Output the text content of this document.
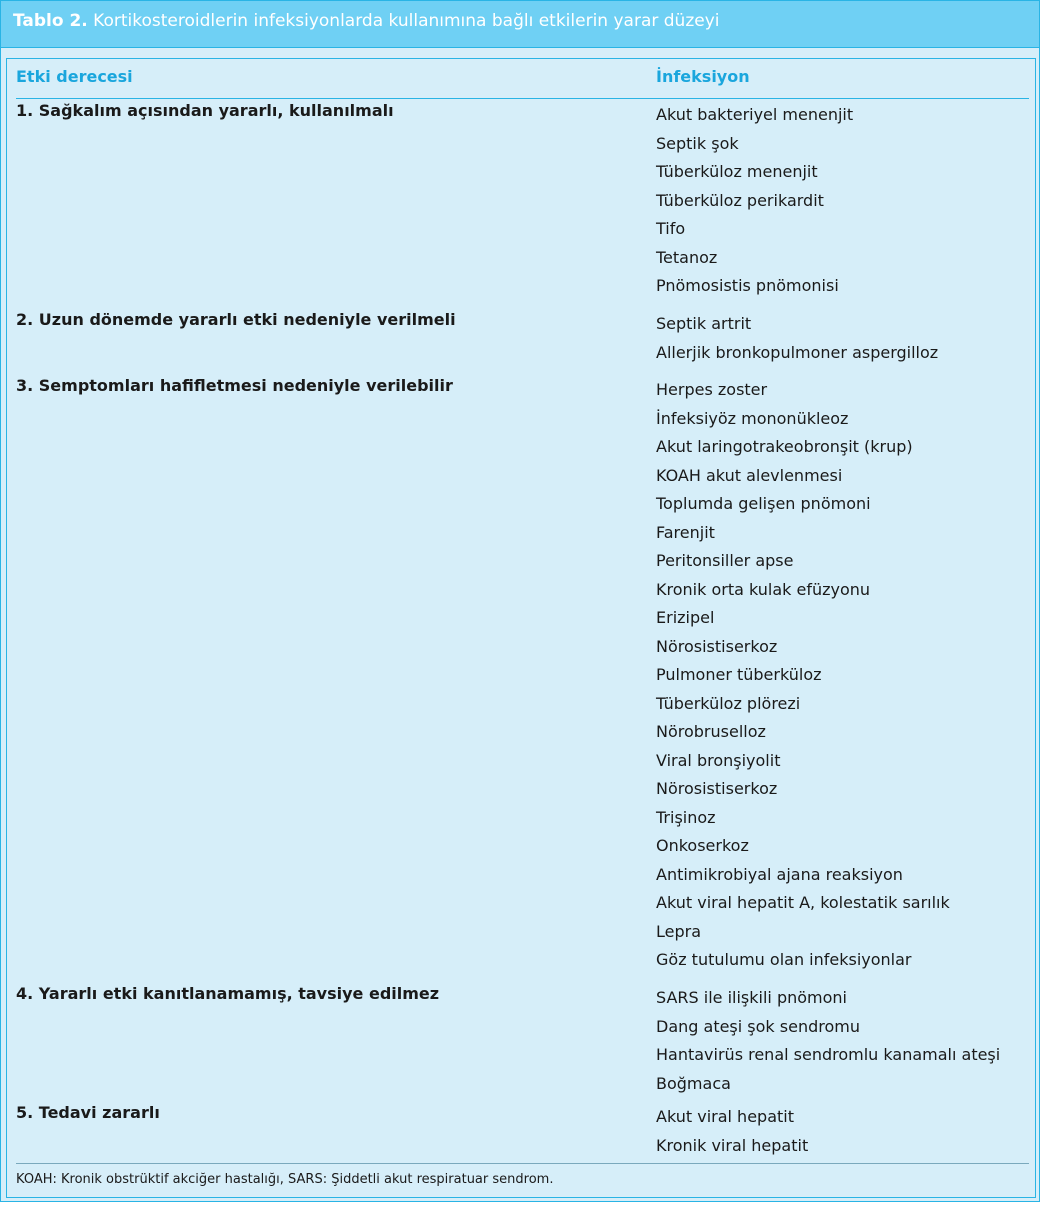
Tablo 2. Kortikosteroidlerin infeksiyonlarda kullanımına bağlı etkilerin yarar düzeyi
Etki derecesi	İnfeksiyon
1. Sağkalım açısından yararlı, kullanılmalı	Akut bakteriyel menenjit
Septik şok
Tüberküloz menenjit
Tüberküloz perikardit
Tifo
Tetanoz
Pnömosistis pnömonisi
2. Uzun dönemde yararlı etki nedeniyle verilmeli	Septik artrit
Allerjik bronkopulmoner aspergilloz
3. Semptomları hafifletmesi nedeniyle verilebilir	Herpes zoster
İnfeksiyöz mononükleoz
Akut laringotrakeobronşit (krup)
KOAH akut alevlenmesi
Toplumda gelişen pnömoni
Farenjit
Peritonsiller apse
Kronik orta kulak efüzyonu
Erizipel
Nörosistiserkoz
Pulmoner tüberküloz
Tüberküloz plörezi
Nörobruselloz
Viral bronşiyolit
Nörosistiserkoz
Trişinoz
Onkoserkoz
Antimikrobiyal ajana reaksiyon
Akut viral hepatit A, kolestatik sarılık
Lepra
Göz tutulumu olan infeksiyonlar
4. Yararlı etki kanıtlanamamış, tavsiye edilmez	SARS ile ilişkili pnömoni
Dang ateşi şok sendromu
Hantavirüs renal sendromlu kanamalı ateşi
Boğmaca
5. Tedavi zararlı	Akut viral hepatit
Kronik viral hepatit
KOAH: Kronik obstrüktif akciğer hastalığı, SARS: Şiddetli akut respiratuar sendrom.
